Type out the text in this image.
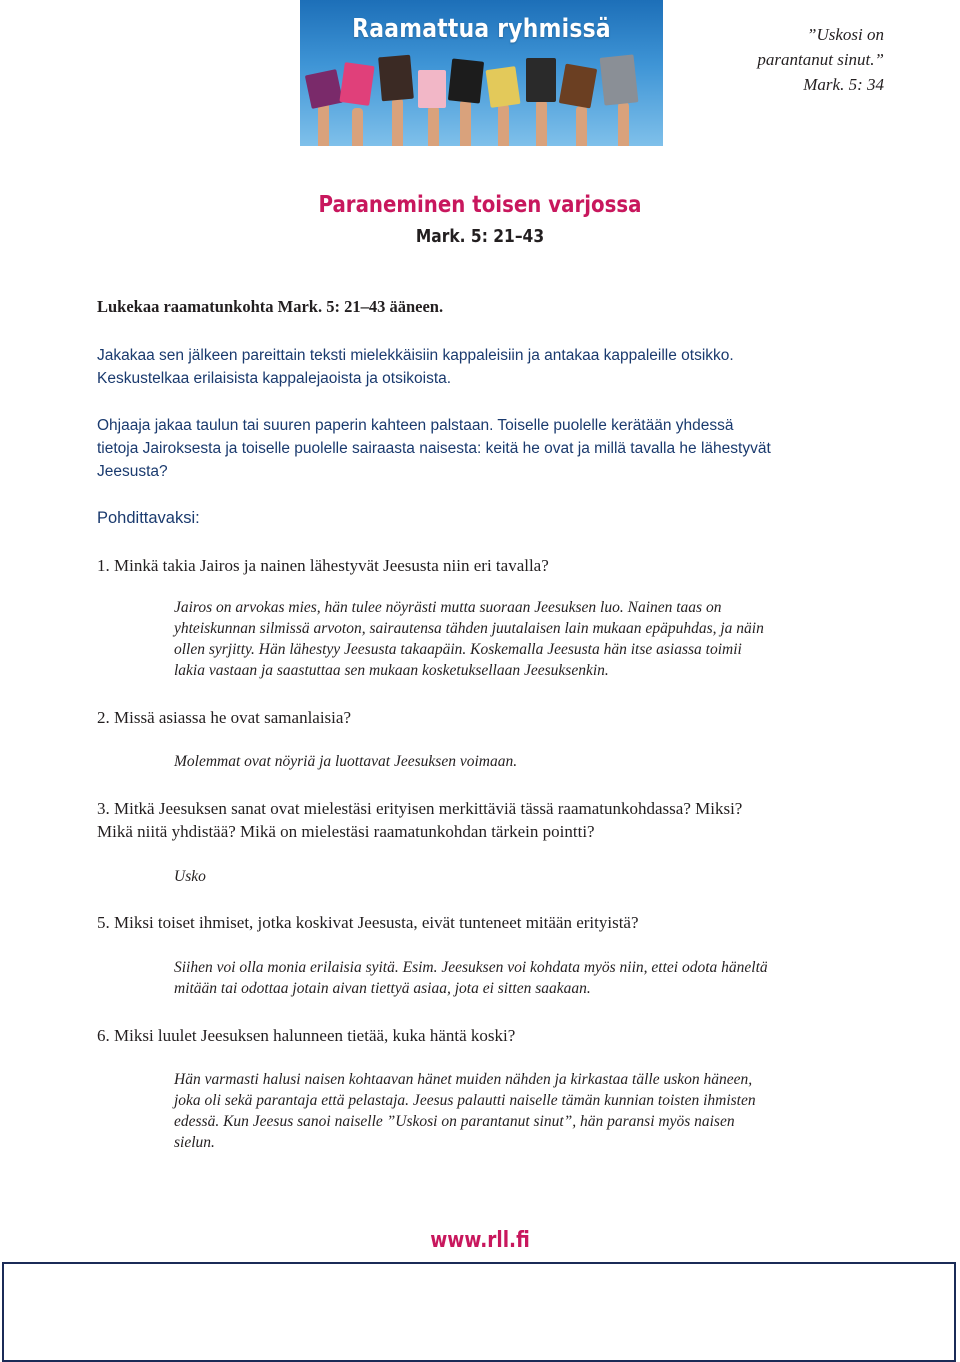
Raamattua ryhmissä	”Uskosi on
parantanut sinut.”
Mark. 5: 34
Paraneminen toisen varjossa
Mark. 5: 21–43
Lukekaa raamatunkohta Mark. 5: 21–43 ääneen.
Jakakaa sen jälkeen pareittain teksti mielekkäisiin kappaleisiin ja antakaa kappaleille otsikko.
Keskustelkaa erilaisista kappalejaoista ja otsikoista.
Ohjaaja jakaa taulun tai suuren paperin kahteen palstaan. Toiselle puolelle kerätään yhdessä
tietoja Jairoksesta ja toiselle puolelle sairaasta naisesta: keitä he ovat ja millä tavalla he lähestyvät
Jeesusta?
Pohdittavaksi:
1. Minkä takia Jairos ja nainen lähestyvät Jeesusta niin eri tavalla?
Jairos on arvokas mies, hän tulee nöyrästi mutta suoraan Jeesuksen luo. Nainen taas on
yhteiskunnan silmissä arvoton, sairautensa tähden juutalaisen lain mukaan epäpuhdas, ja näin
ollen syrjitty. Hän lähestyy Jeesusta takaapäin. Koskemalla Jeesusta hän itse asiassa toimii
lakia vastaan ja saastuttaa sen mukaan kosketuksellaan Jeesuksenkin.
2. Missä asiassa he ovat samanlaisia?
Molemmat ovat nöyriä ja luottavat Jeesuksen voimaan.
3. Mitkä Jeesuksen sanat ovat mielestäsi erityisen merkittäviä tässä raamatunkohdassa? Miksi?
Mikä niitä yhdistää? Mikä on mielestäsi raamatunkohdan tärkein pointti?
Usko
5. Miksi toiset ihmiset, jotka koskivat Jeesusta, eivät tunteneet mitään erityistä?
Siihen voi olla monia erilaisia syitä. Esim. Jeesuksen voi kohdata myös niin, ettei odota häneltä
mitään tai odottaa jotain aivan tiettyä asiaa, jota ei sitten saakaan.
6. Miksi luulet Jeesuksen halunneen tietää, kuka häntä koski?
Hän varmasti halusi naisen kohtaavan hänet muiden nähden ja kirkastaa tälle uskon häneen,
joka oli sekä parantaja että pelastaja. Jeesus palautti naiselle tämän kunnian toisten ihmisten
edessä. Kun Jeesus sanoi naiselle ”Uskosi on parantanut sinut”, hän paransi myös naisen
sielun.
www.rll.fi
